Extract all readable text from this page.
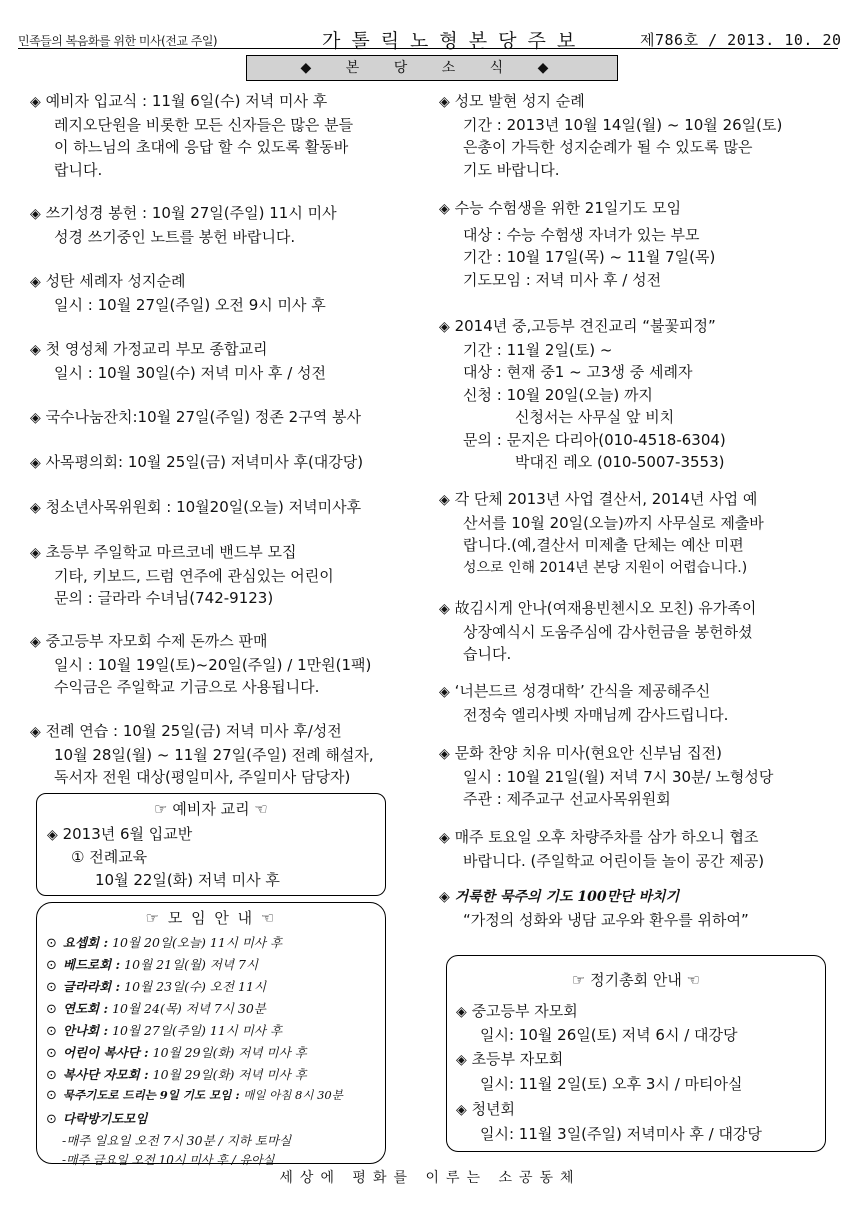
민족들의 복음화를 위한 미사(전교 주일)	가톨릭노형본당주보	제786호 / 2013. 10. 20
◆ 본 당 소 식 ◆
◈ 예비자 입교식 : 11월 6일(수) 저녁 미사 후
레지오단원을 비롯한 모든 신자들은 많은 분들
이 하느님의 초대에 응답 할 수 있도록 활동바
랍니다.
◈ 쓰기성경 봉헌 : 10월 27일(주일) 11시 미사
성경 쓰기중인 노트를 봉헌 바랍니다.
◈ 성탄 세례자 성지순례
일시 : 10월 27일(주일) 오전 9시 미사 후
◈ 첫 영성체 가정교리 부모 종합교리
일시 : 10월 30일(수) 저녁 미사 후 / 성전
◈ 국수나눔잔치:10월 27일(주일) 정존 2구역 봉사
◈ 사목평의회: 10월 25일(금) 저녁미사 후(대강당)
◈ 청소년사목위원회 : 10월20일(오늘) 저녁미사후
◈ 초등부 주일학교 마르코네 밴드부 모집
기타, 키보드, 드럼 연주에 관심있는 어린이
문의 : 글라라 수녀님(742-9123)
◈ 중고등부 자모회 수제 돈까스 판매
일시 : 10월 19일(토)~20일(주일) / 1만원(1팩)
수익금은 주일학교 기금으로 사용됩니다.
◈ 전례 연습 : 10월 25일(금) 저녁 미사 후/성전
10월 28일(월) ~ 11월 27일(주일) 전례 해설자,
독서자 전원 대상(평일미사, 주일미사 담당자)
☞ 예비자 교리 ☜
◈ 2013년 6월 입교반
① 전례교육
10월 22일(화) 저녁 미사 후
☞ 모 임 안 내 ☜
⊙ 요셉회 : 10월 20일(오늘) 11시 미사 후
⊙ 베드로회 : 10월 21일(월) 저녁 7시
⊙ 글라라회 : 10월 23일(수) 오전 11시
⊙ 연도회 : 10월 24(목) 저녁 7시 30분
⊙ 안나회 : 10월 27일(주일) 11시 미사 후
⊙ 어린이 복사단 : 10월 29일(화) 저녁 미사 후
⊙ 복사단 자모회 : 10월 29일(화) 저녁 미사 후
⊙ 묵주기도로 드리는 9일 기도 모임 : 매일 아침 8시 30분
⊙ 다락방기도모임
-매주 일요일 오전 7시 30분 / 지하 토마실
-매주 금요일 오전 10시 미사 후 / 유아실
◈ 성모 발현 성지 순례
기간 : 2013년 10월 14일(월) ~ 10월 26일(토)
은총이 가득한 성지순례가 될 수 있도록 많은
기도 바랍니다.
◈ 수능 수험생을 위한 21일기도 모임
대상 : 수능 수험생 자녀가 있는 부모
기간 : 10월 17일(목) ~ 11월 7일(목)
기도모임 : 저녁 미사 후 / 성전
◈ 2014년 중,고등부 견진교리 “불꽃피정”
기간 : 11월 2일(토) ~
대상 : 현재 중1 ~ 고3생 중 세례자
신청 : 10월 20일(오늘) 까지
신청서는 사무실 앞 비치
문의 : 문지은 다리아(010-4518-6304)
박대진 레오 (010-5007-3553)
◈ 각 단체 2013년 사업 결산서, 2014년 사업 예
산서를 10월 20일(오늘)까지 사무실로 제출바
랍니다.(예,결산서 미제출 단체는 예산 미편
성으로 인해 2014년 본당 지원이 어렵습니다.)
◈ 故김시게 안나(여재용빈첸시오 모친) 유가족이
상장예식시 도움주심에 감사헌금을 봉헌하셨
습니다.
◈ ‘너븐드르 성경대학’ 간식을 제공해주신
전정숙 엘리사벳 자매님께 감사드립니다.
◈ 문화 찬양 치유 미사(현요안 신부님 집전)
일시 : 10월 21일(월) 저녁 7시 30분/ 노형성당
주관 : 제주교구 선교사목위원회
◈ 매주 토요일 오후 차량주차를 삼가 하오니 협조
바랍니다. (주일학교 어린이들 놀이 공간 제공)
◈ 거룩한 묵주의 기도 100만단 바치기
“가정의 성화와 냉담 교우와 환우를 위하여”
☞ 정기총회 안내 ☜
◈ 중고등부 자모회
일시: 10월 26일(토) 저녁 6시 / 대강당
◈ 초등부 자모회
일시: 11월 2일(토) 오후 3시 / 마티아실
◈ 청년회
일시: 11월 3일(주일) 저녁미사 후 / 대강당
세상에 평화를 이루는 소공동체
